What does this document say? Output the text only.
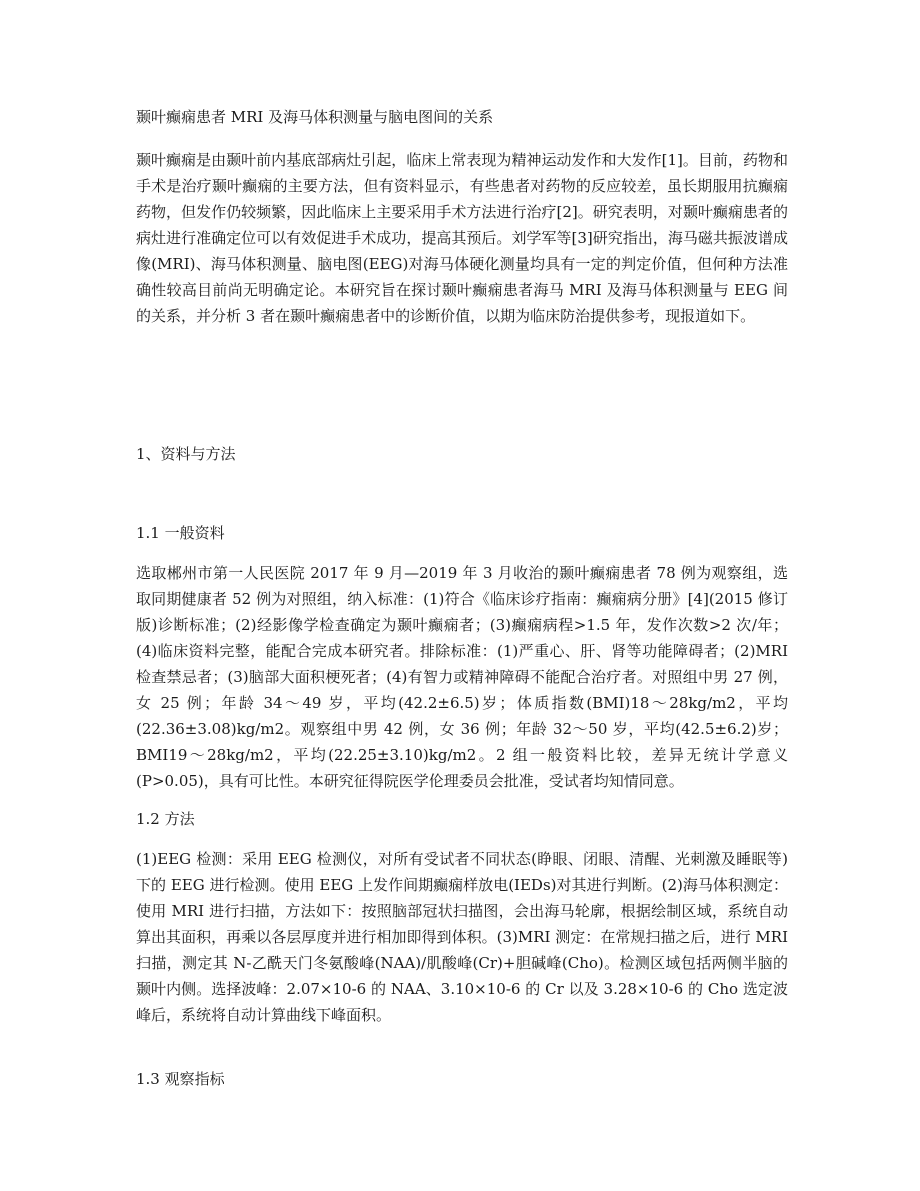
颞叶癫痫患者 MRI 及海马体积测量与脑电图间的关系

颞叶癫痫是由颞叶前内基底部病灶引起，临床上常表现为精神运动发作和大发作[1]。目前，药物和手术是治疗颞叶癫痫的主要方法，但有资料显示，有些患者对药物的反应较差，虽长期服用抗癫痫药物，但发作仍较频繁，因此临床上主要采用手术方法进行治疗[2]。研究表明，对颞叶癫痫患者的病灶进行准确定位可以有效促进手术成功，提高其预后。刘学军等[3]研究指出，海马磁共振波谱成像(MRI)、海马体积测量、脑电图(EEG)对海马体硬化测量均具有一定的判定价值，但何种方法准确性较高目前尚无明确定论。本研究旨在探讨颞叶癫痫患者海马 MRI 及海马体积测量与 EEG 间的关系，并分析 3 者在颞叶癫痫患者中的诊断价值，以期为临床防治提供参考，现报道如下。

1、资料与方法
1.1 一般资料

选取郴州市第一人民医院 2017 年 9 月—2019 年 3 月收治的颞叶癫痫患者 78 例为观察组，选取同期健康者 52 例为对照组，纳入标准：(1)符合《临床诊疗指南：癫痫病分册》[4](2015 修订版)诊断标准；(2)经影像学检查确定为颞叶癫痫者；(3)癫痫病程>1.5 年，发作次数>2 次/年；(4)临床资料完整，能配合完成本研究者。排除标准：(1)严重心、肝、肾等功能障碍者；(2)MRI 检查禁忌者；(3)脑部大面积梗死者；(4)有智力或精神障碍不能配合治疗者。对照组中男 27 例，女 25 例；年龄 34～49 岁，平均(42.2±6.5)岁；体质指数(BMI)18～28kg/m2，平均(22.36±3.08)kg/m2。观察组中男 42 例，女 36 例；年龄 32～50 岁，平均(42.5±6.2)岁；BMI19～28kg/m2，平均(22.25±3.10)kg/m2。2 组一般资料比较，差异无统计学意义(P>0.05)，具有可比性。本研究征得院医学伦理委员会批准，受试者均知情同意。

1.2 方法

(1)EEG 检测：采用 EEG 检测仪，对所有受试者不同状态(睁眼、闭眼、清醒、光刺激及睡眠等)下的 EEG 进行检测。使用 EEG 上发作间期癫痫样放电(IEDs)对其进行判断。(2)海马体积测定：使用 MRI 进行扫描，方法如下：按照脑部冠状扫描图，会出海马轮廓，根据绘制区域，系统自动算出其面积，再乘以各层厚度并进行相加即得到体积。(3)MRI 测定：在常规扫描之后，进行 MRI 扫描，测定其 N-乙酰天门冬氨酸峰(NAA)/肌酸峰(Cr)+胆碱峰(Cho)。检测区域包括两侧半脑的颞叶内侧。选择波峰：2.07×10-6 的 NAA、3.10×10-6 的 Cr 以及 3.28×10-6 的 Cho 选定波峰后，系统将自动计算曲线下峰面积。

1.3 观察指标
